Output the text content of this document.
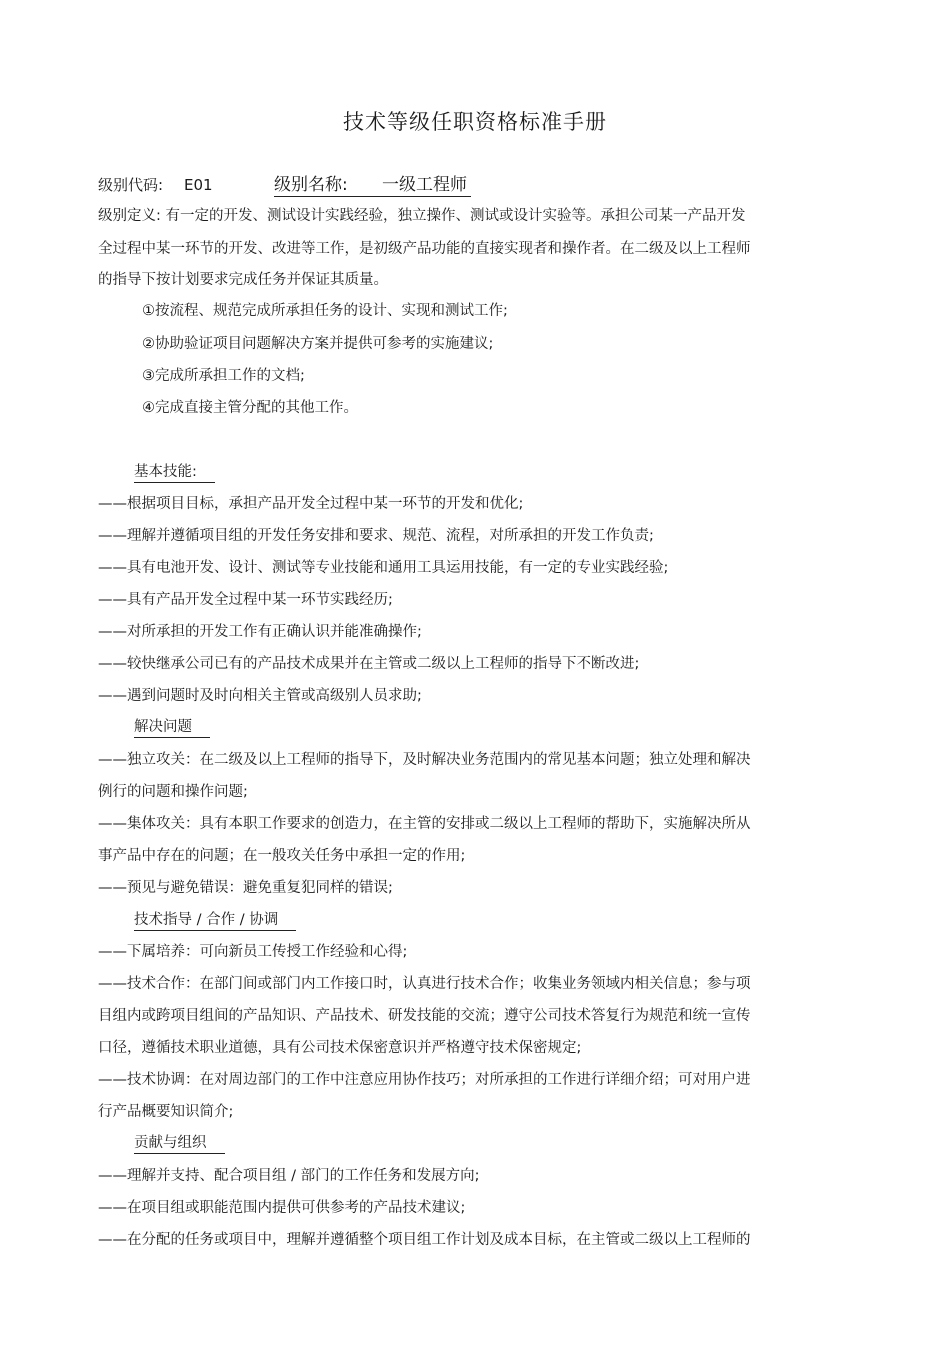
技术等级任职资格标准手册
级别代码: E01	级别名称: 一级工程师
级别定义: 有一定的开发、测试设计实践经验，独立操作、测试或设计实验等。承担公司某一产品开发
全过程中某一环节的开发、改进等工作，是初级产品功能的直接实现者和操作者。在二级及以上工程师
的指导下按计划要求完成任务并保证其质量。
①按流程、规范完成所承担任务的设计、实现和测试工作;
②协助验证项目问题解决方案并提供可参考的实施建议;
③完成所承担工作的文档;
④完成直接主管分配的其他工作。
基本技能:
——根据项目目标，承担产品开发全过程中某一环节的开发和优化;
——理解并遵循项目组的开发任务安排和要求、规范、流程，对所承担的开发工作负责;
——具有电池开发、设计、测试等专业技能和通用工具运用技能，有一定的专业实践经验;
——具有产品开发全过程中某一环节实践经历;
——对所承担的开发工作有正确认识并能准确操作;
——较快继承公司已有的产品技术成果并在主管或二级以上工程师的指导下不断改进;
——遇到问题时及时向相关主管或高级别人员求助;
解决问题
——独立攻关：在二级及以上工程师的指导下，及时解决业务范围内的常见基本问题；独立处理和解决
例行的问题和操作问题;
——集体攻关：具有本职工作要求的创造力，在主管的安排或二级以上工程师的帮助下，实施解决所从
事产品中存在的问题；在一般攻关任务中承担一定的作用;
——预见与避免错误：避免重复犯同样的错误;
技术指导 / 合作 / 协调
——下属培养：可向新员工传授工作经验和心得;
——技术合作：在部门间或部门内工作接口时，认真进行技术合作；收集业务领域内相关信息；参与项
目组内或跨项目组间的产品知识、产品技术、研发技能的交流；遵守公司技术答复行为规范和统一宣传
口径，遵循技术职业道德，具有公司技术保密意识并严格遵守技术保密规定;
——技术协调：在对周边部门的工作中注意应用协作技巧；对所承担的工作进行详细介绍；可对用户进
行产品概要知识简介;
贡献与组织
——理解并支持、配合项目组 / 部门的工作任务和发展方向;
——在项目组或职能范围内提供可供参考的产品技术建议;
——在分配的任务或项目中，理解并遵循整个项目组工作计划及成本目标，在主管或二级以上工程师的
